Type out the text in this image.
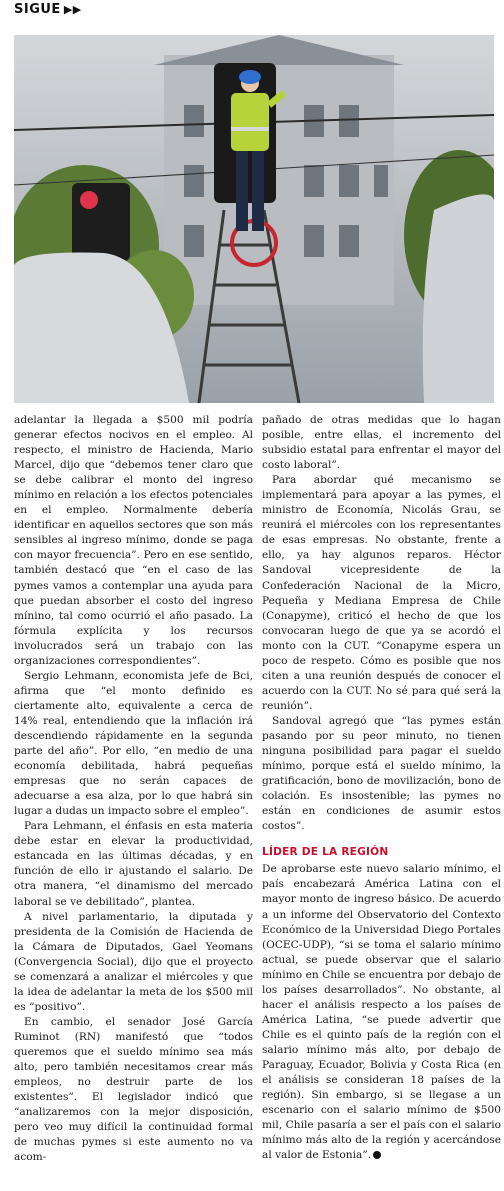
SIGUE ▶▶

adelantar la llegada a $500 mil podría generar efectos nocivos en el empleo. Al respecto, el ministro de Hacienda, Mario Marcel, dijo que “debemos tener claro que se debe calibrar el monto del ingreso mínimo en relación a los efectos potenciales en el empleo. Normalmente debería identificar en aquellos sectores que son más sensibles al ingreso mínimo, donde se paga con mayor frecuencia”. Pero en ese sentido, también destacó que “en el caso de las pymes vamos a contemplar una ayuda para que puedan absorber el costo del ingreso mínino, tal como ocurrió el año pasado. La fórmula explícita y los recursos involucrados será un trabajo con las organizaciones correspondientes”.

Sergio Lehmann, economista jefe de Bci, afirma que “el monto definido es ciertamente alto, equivalente a cerca de 14% real, entendiendo que la inflación irá descendiendo rápidamente en la segunda parte del año”. Por ello, “en medio de una economía debilitada, habrá pequeñas empresas que no serán capaces de adecuarse a esa alza, por lo que habrá sin lugar a dudas un impacto sobre el empleo”.

Para Lehmann, el énfasis en esta materia debe estar en elevar la productividad, estancada en las últimas décadas, y en función de ello ir ajustando el salario. De otra manera, “el dinamismo del mercado laboral se ve debilitado”, plantea.

A nivel parlamentario, la diputada y presidenta de la Comisión de Hacienda de la Cámara de Diputados, Gael Yeomans (Convergencia Social), dijo que el proyecto se comenzará a analizar el miércoles y que la idea de adelantar la meta de los $500 mil es “positivo”.

En cambio, el senador José García Ruminot (RN) manifestó que “todos queremos que el sueldo mínimo sea más alto, pero también necesitamos crear más empleos, no destruir parte de los existentes”. El legislador indicó que “analizaremos con la mejor disposición, pero veo muy difícil la continuidad formal de muchas pymes si este aumento no va acom-

pañado de otras medidas que lo hagan posible, entre ellas, el incremento del subsidio estatal para enfrentar el mayor del costo laboral”.

Para abordar qué mecanismo se implementará para apoyar a las pymes, el ministro de Economía, Nicolás Grau, se reunirá el miércoles con los representantes de esas empresas. No obstante, frente a ello, ya hay algunos reparos. Héctor Sandoval vicepresidente de la Confederación Nacional de la Micro, Pequeña y Mediana Empresa de Chile (Conapyme), criticó el hecho de que los convocaran luego de que ya se acordó el monto con la CUT. “Conapyme espera un poco de respeto. Cómo es posible que nos citen a una reunión después de conocer el acuerdo con la CUT. No sé para qué será la reunión”.

Sandoval agregó que “las pymes están pasando por su peor minuto, no tienen ninguna posibilidad para pagar el sueldo mínimo, porque está el sueldo mínimo, la gratificación, bono de movilización, bono de colación. Es insostenible; las pymes no están en condiciones de asumir estos costos”.

LÍDER DE LA REGIÓN

De aprobarse este nuevo salario mínimo, el país encabezará América Latina con el mayor monto de ingreso básico. De acuerdo a un informe del Observatorio del Contexto Económico de la Universidad Diego Portales (OCEC-UDP), “si se toma el salario mínimo actual, se puede observar que el salario mínimo en Chile se encuentra por debajo de los países desarrollados”. No obstante, al hacer el análisis respecto a los países de América Latina, “se puede advertir que Chile es el quinto país de la región con el salario mínimo más alto, por debajo de Paraguay, Ecuador, Bolivia y Costa Rica (en el análisis se consideran 18 países de la región). Sin embargo, si se llegase a un escenario con el salario mínimo de $500 mil, Chile pasaría a ser el país con el salario mínimo más alto de la región y acercándose al valor de Estonia”.
